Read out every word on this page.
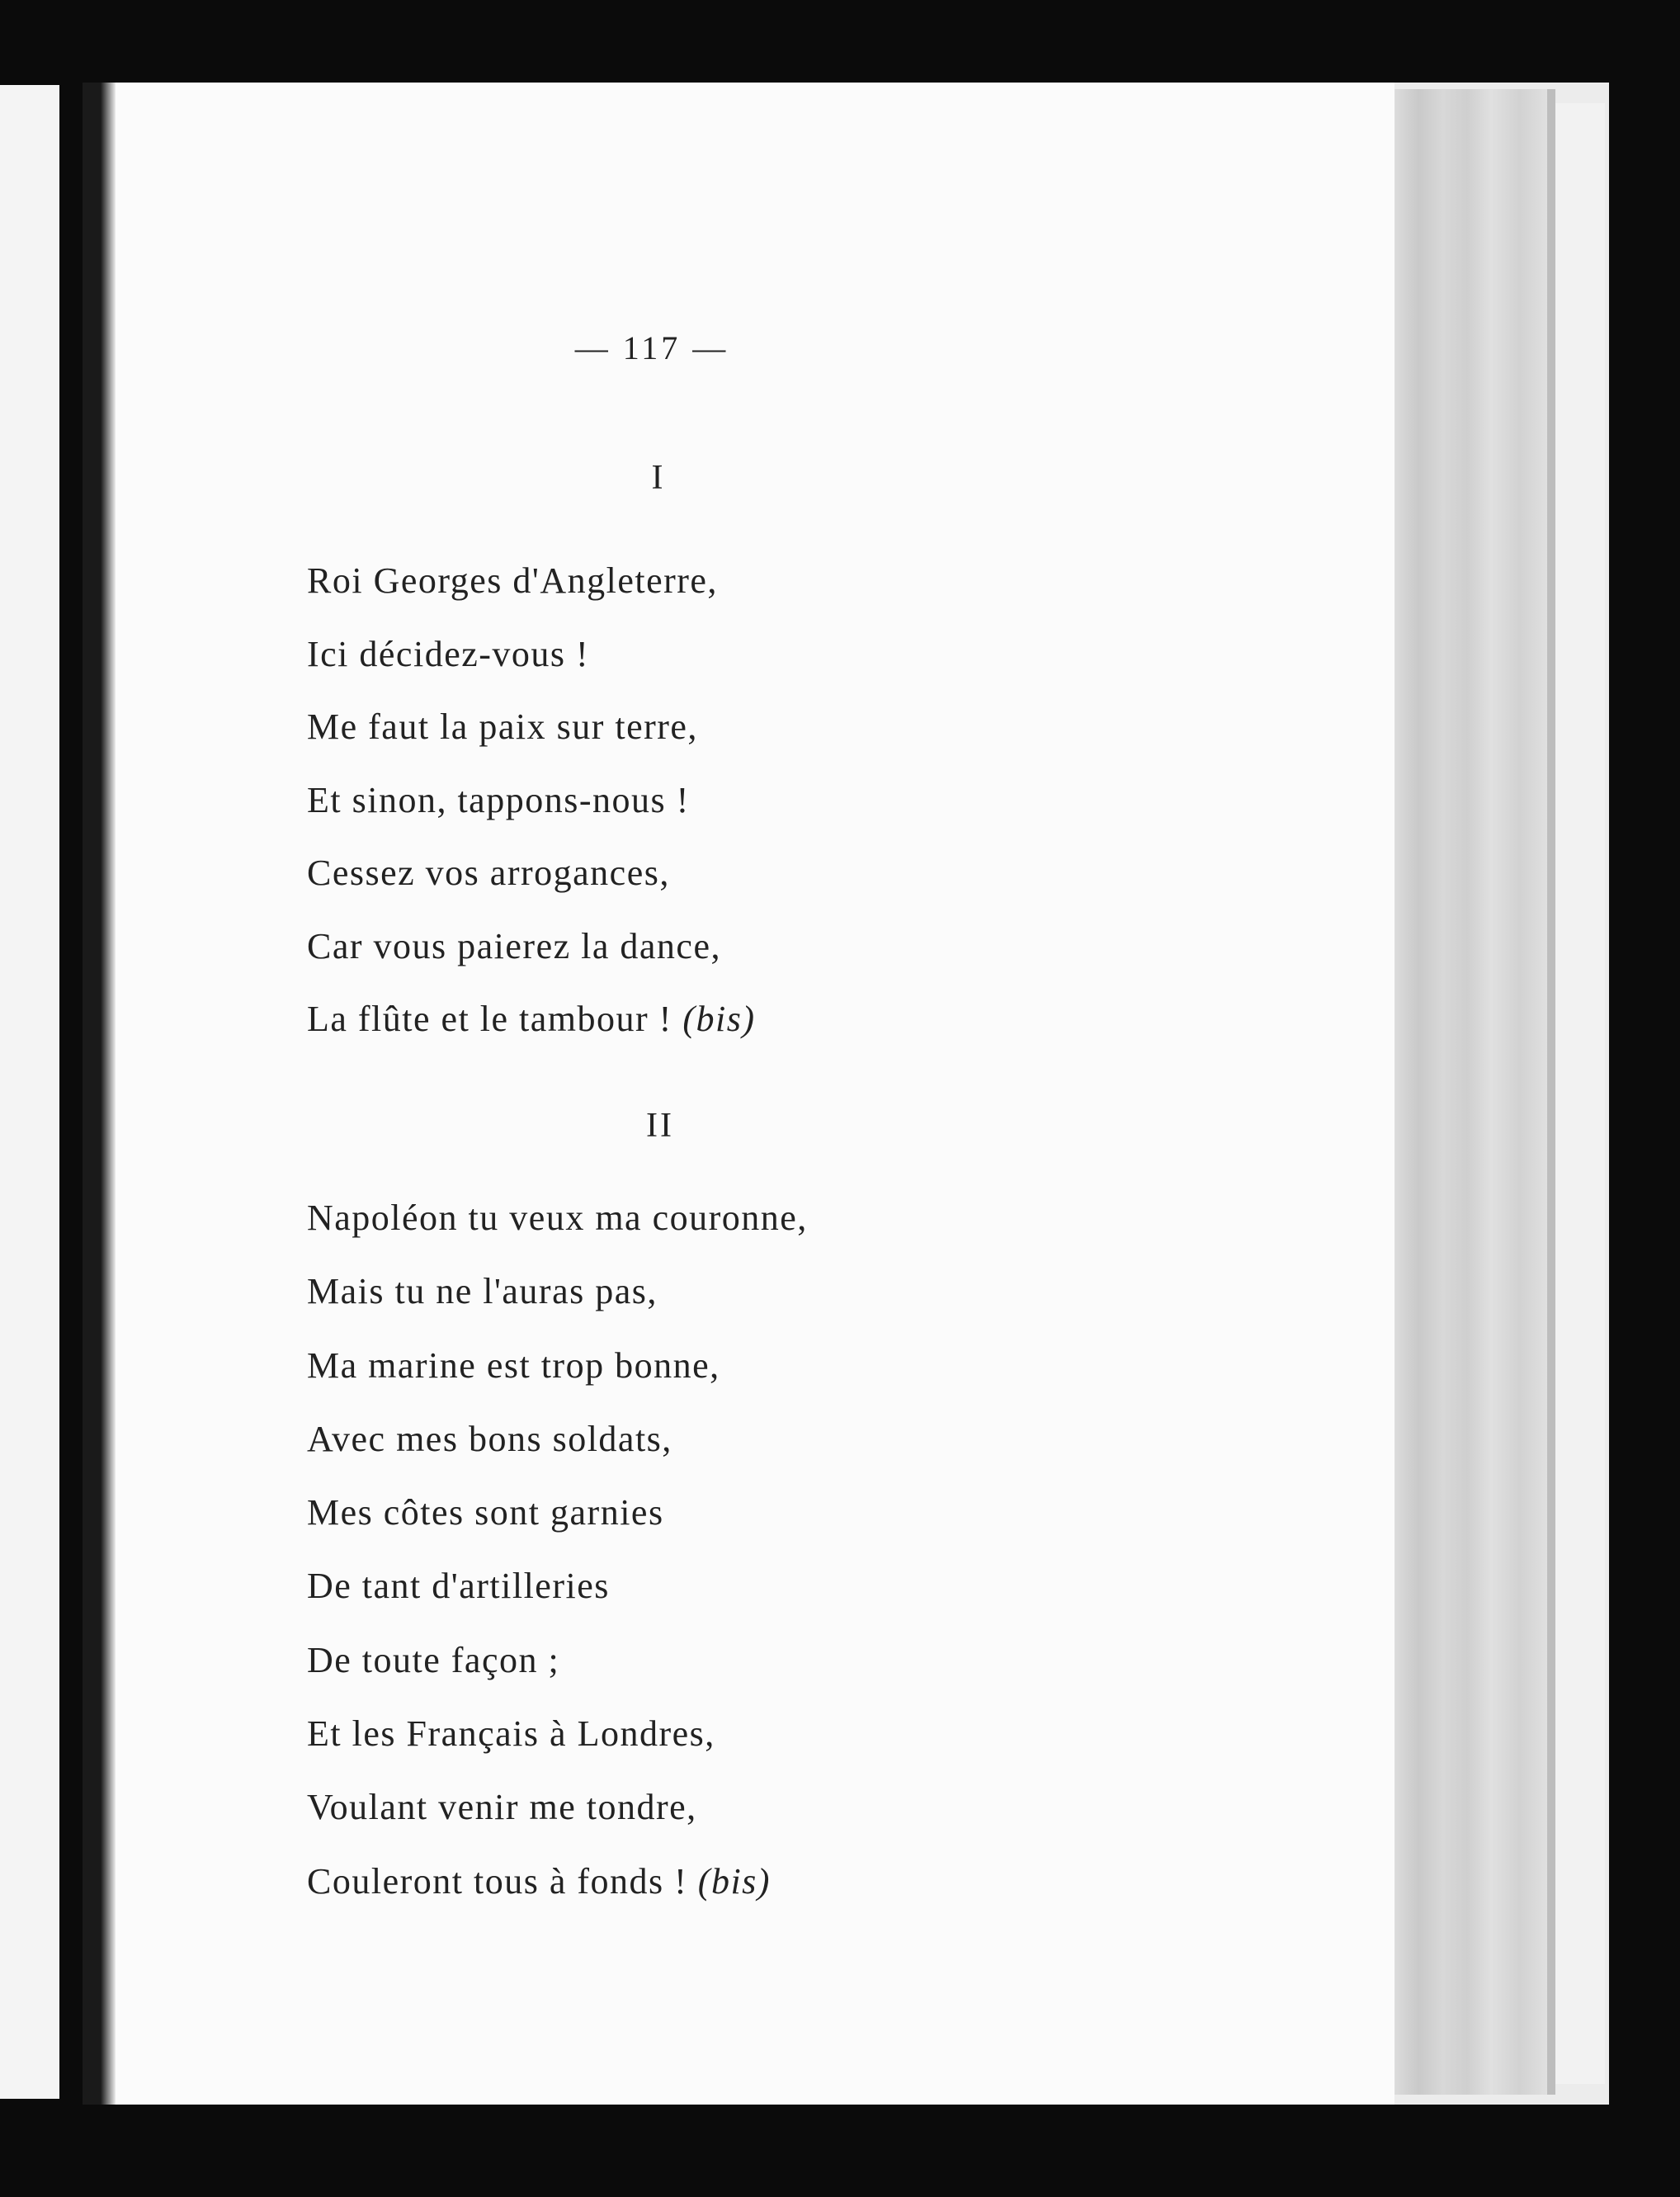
— 117 —
I
Roi Georges d'Angleterre,
Ici décidez-vous !
Me faut la paix sur terre,
Et sinon, tappons-nous !
Cessez vos arrogances,
Car vous paierez la dance,
La flûte et le tambour ! (bis)
II
Napoléon tu veux ma couronne,
Mais tu ne l'auras pas,
Ma marine est trop bonne,
Avec mes bons soldats,
Mes côtes sont garnies
De tant d'artilleries
De toute façon ;
Et les Français à Londres,
Voulant venir me tondre,
Couleront tous à fonds ! (bis)
